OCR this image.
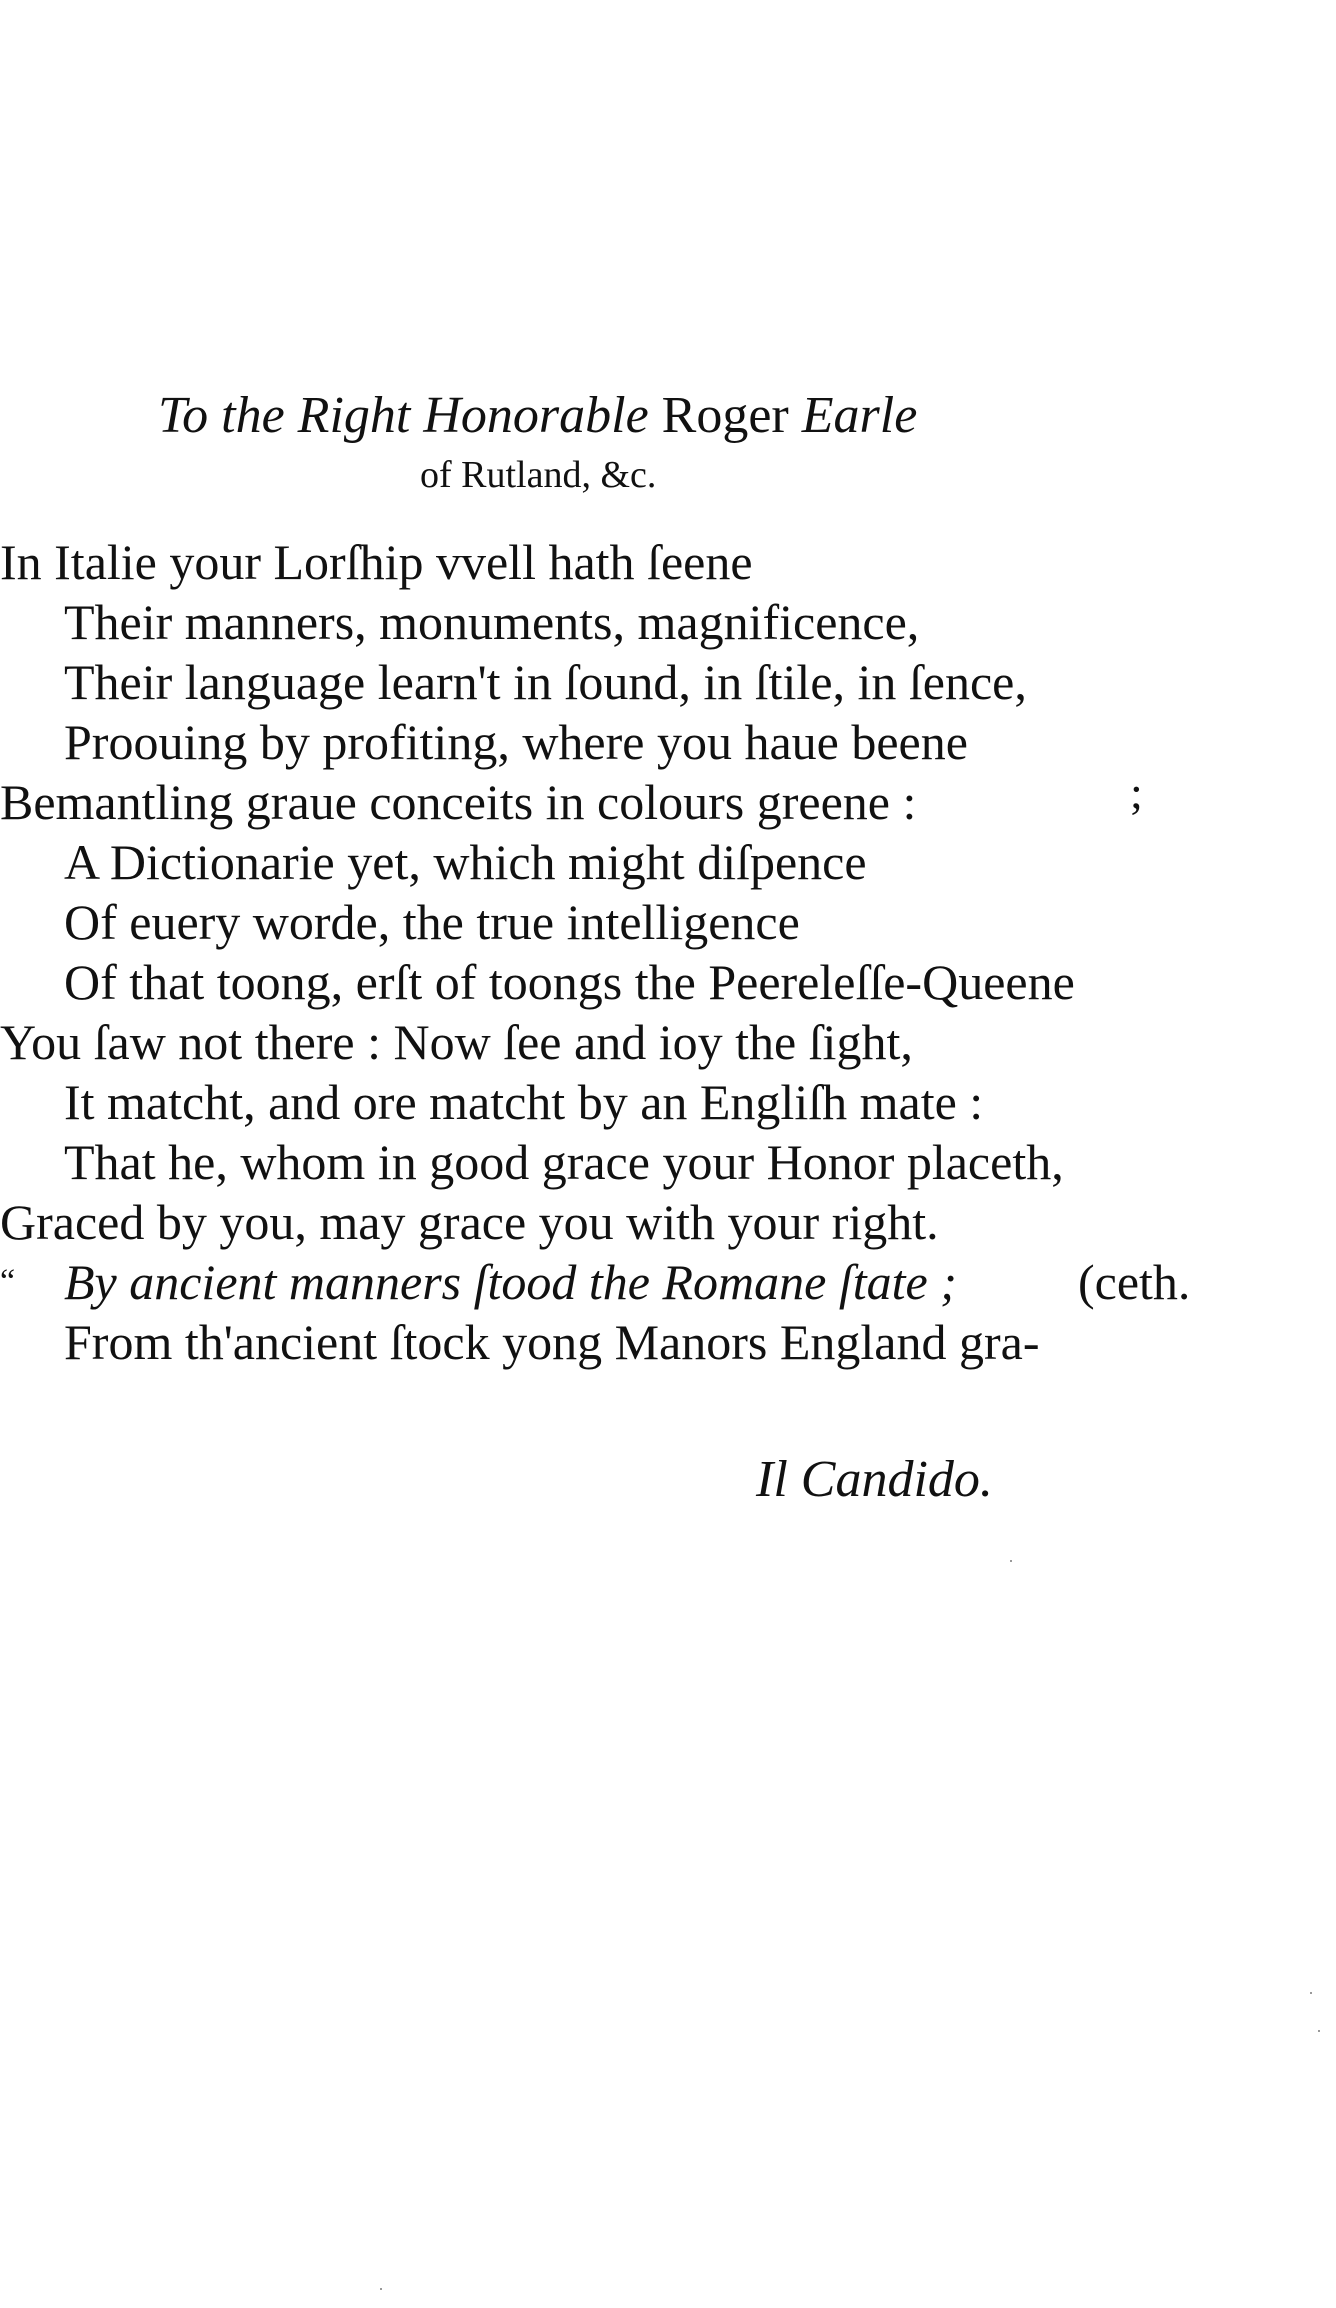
To the Right Honorable Roger Earle
of Rutland, &c.
In Italie your Lorſhip vvell hath ſeene
Their manners, monuments, magnificence,
Their language learn't in ſound, in ſtile, in ſence,
Proouing by profiting, where you haue beene
Bemantling graue conceits in colours greene :
A Dictionarie yet, which might diſpence
Of euery worde, the true intelligence
Of that toong, erſt of toongs the Peereleſſe-Queene
You ſaw not there : Now ſee and ioy the ſight,
It matcht, and ore matcht by an Engliſh mate :
That he, whom in good grace your Honor placeth,
Graced by you, may grace you with your right.
“ By ancient manners ſtood the Romane ſtate ; (ceth.
From th'ancient ſtock yong Manors England gra-
;
Il Candido.
